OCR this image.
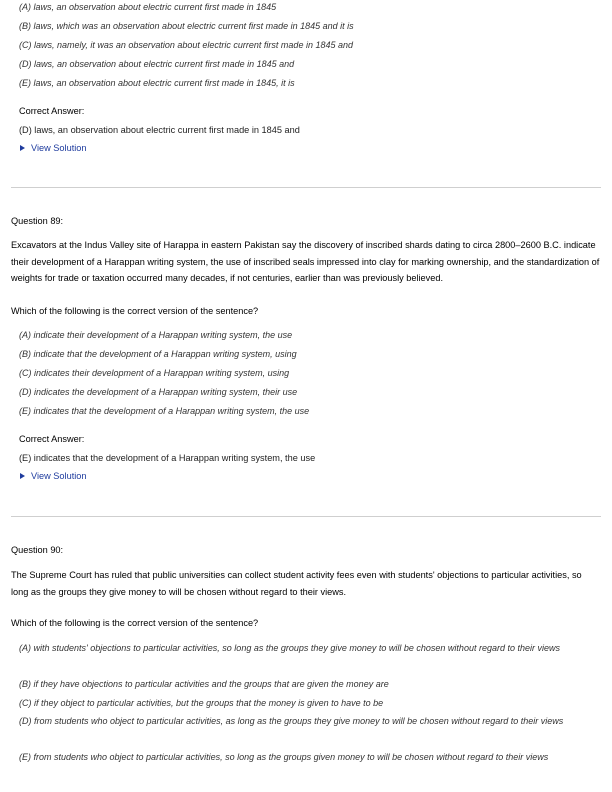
(A) laws, an observation about electric current first made in 1845
(B) laws, which was an observation about electric current first made in 1845 and it is
(C) laws, namely, it was an observation about electric current first made in 1845 and
(D) laws, an observation about electric current first made in 1845 and
(E) laws, an observation about electric current first made in 1845, it is
Correct Answer:
(D) laws, an observation about electric current first made in 1845 and
View Solution
Question 89:
Excavators at the Indus Valley site of Harappa in eastern Pakistan say the discovery of inscribed shards dating to circa 2800–2600 B.C. indicate their development of a Harappan writing system, the use of inscribed seals impressed into clay for marking ownership, and the standardization of weights for trade or taxation occurred many decades, if not centuries, earlier than was previously believed.
Which of the following is the correct version of the sentence?
(A) indicate their development of a Harappan writing system, the use
(B) indicate that the development of a Harappan writing system, using
(C) indicates their development of a Harappan writing system, using
(D) indicates the development of a Harappan writing system, their use
(E) indicates that the development of a Harappan writing system, the use
Correct Answer:
(E) indicates that the development of a Harappan writing system, the use
View Solution
Question 90:
The Supreme Court has ruled that public universities can collect student activity fees even with students' objections to particular activities, so long as the groups they give money to will be chosen without regard to their views.
Which of the following is the correct version of the sentence?
(A) with students' objections to particular activities, so long as the groups they give money to will be chosen without regard to their views
(B) if they have objections to particular activities and the groups that are given the money are
(C) if they object to particular activities, but the groups that the money is given to have to be
(D) from students who object to particular activities, as long as the groups they give money to will be chosen without regard to their views
(E) from students who object to particular activities, so long as the groups given money to will be chosen without regard to their views
